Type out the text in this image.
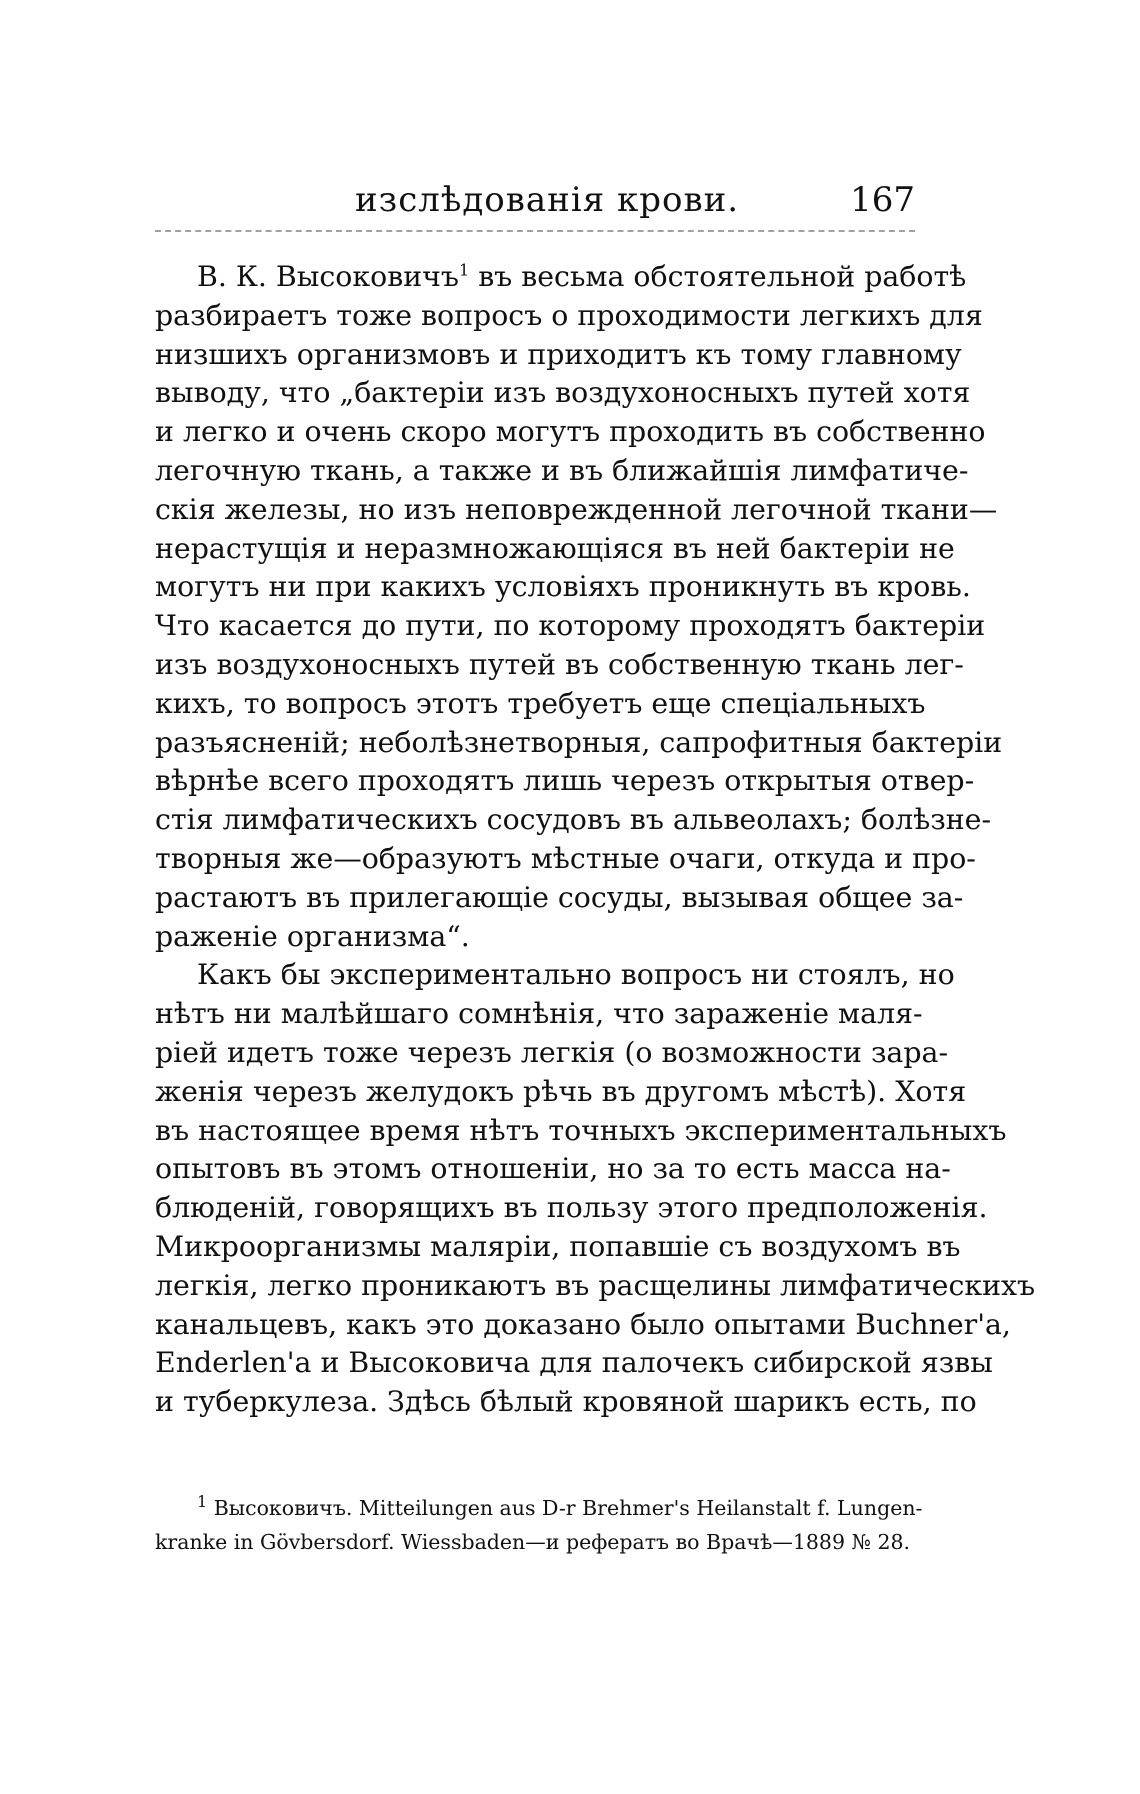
изслѣдованія крови.	167
В. К. Высоковичъ$^1$ въ весьма обстоятельной работѣ
разбираетъ тоже вопросъ о проходимости легкихъ для
низшихъ организмовъ и приходитъ къ тому главному
выводу, что „бактеріи изъ воздухоносныхъ путей хотя
и легко и очень скоро могутъ проходить въ собственно
легочную ткань, а также и въ ближайшія лимфатиче-
скія железы, но изъ неповрежденной легочной ткани—
нерастущія и неразмножающіяся въ ней бактеріи не
могутъ ни при какихъ условіяхъ проникнуть въ кровь.
Что касается до пути, по которому проходятъ бактеріи
изъ воздухоносныхъ путей въ собственную ткань лег-
кихъ, то вопросъ этотъ требуетъ еще спеціальныхъ
разъясненій; неболѣзнетворныя, сапрофитныя бактеріи
вѣрнѣе всего проходятъ лишь черезъ открытыя отвер-
стія лимфатическихъ сосудовъ въ альвеолахъ; болѣзне-
творныя же—образуютъ мѣстные очаги, откуда и про-
растаютъ въ прилегающіе сосуды, вызывая общее за-
раженіе организма“.
Какъ бы экспериментально вопросъ ни стоялъ, но
нѣтъ ни малѣйшаго сомнѣнія, что зараженіе маля-
ріей идетъ тоже черезъ легкія (о возможности зара-
женія черезъ желудокъ рѣчь въ другомъ мѣстѣ). Хотя
въ настоящее время нѣтъ точныхъ экспериментальныхъ
опытовъ въ этомъ отношеніи, но за то есть масса на-
блюденій, говорящихъ въ пользу этого предположенія.
Микроорганизмы маляріи, попавшіе съ воздухомъ въ
легкія, легко проникаютъ въ расщелины лимфатическихъ
канальцевъ, какъ это доказано было опытами Buchner'а,
Enderlen'а и Высоковича для палочекъ сибирской язвы
и туберкулеза. Здѣсь бѣлый кровяной шарикъ есть, по
$^1$ Высоковичъ. Mitteilungen aus D-r Brehmer's Heilanstalt f. Lungen-
kranke in Gövbersdorf. Wiessbaden—и рефератъ во Врачѣ—1889 № 28.
